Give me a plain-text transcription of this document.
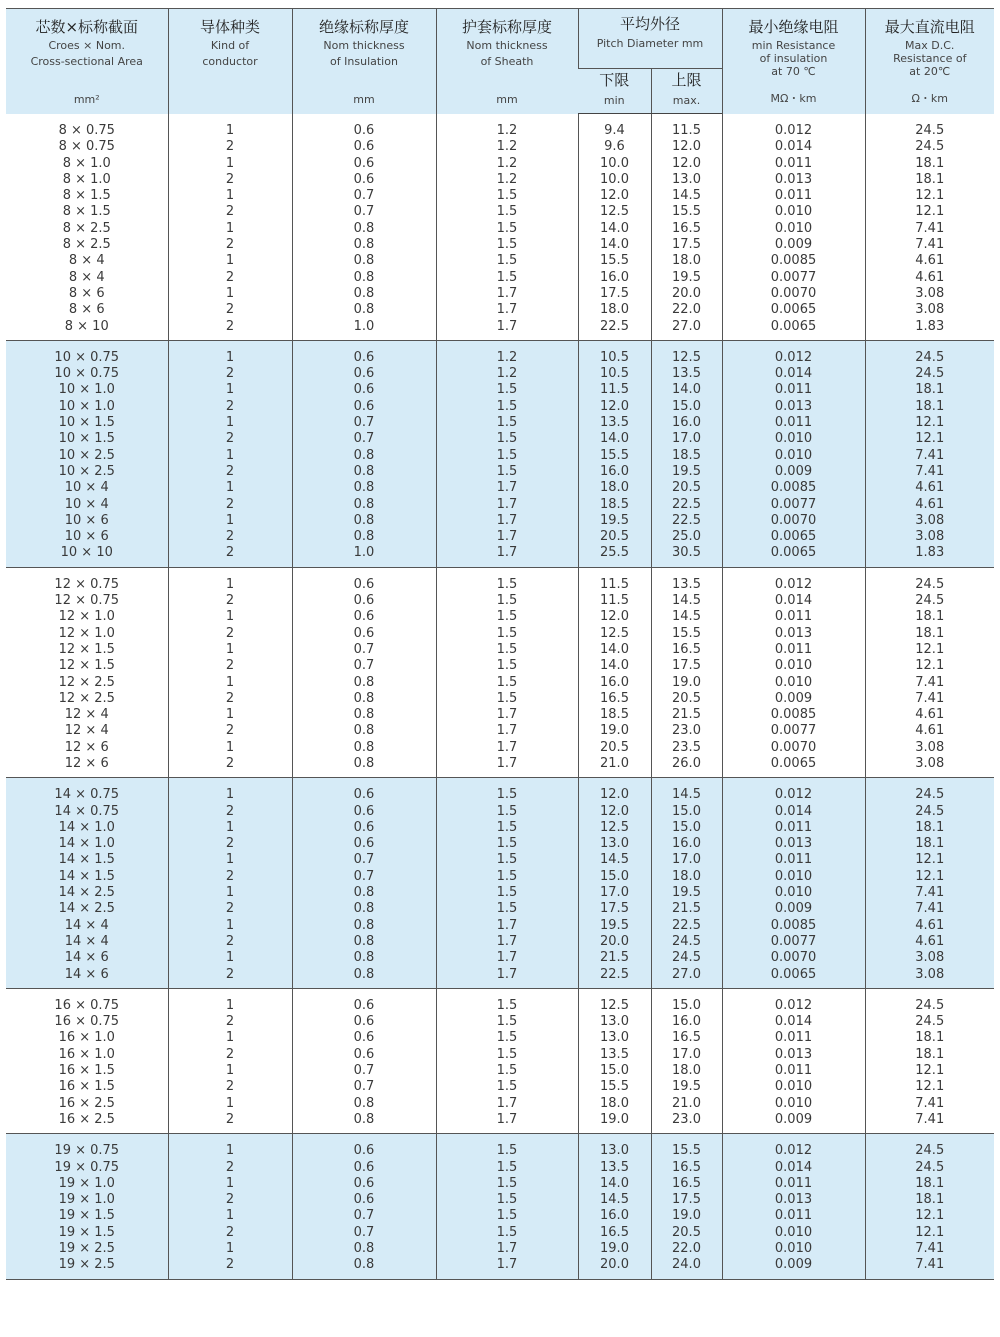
芯数×标称截面
Croes × Nom.
Cross-sectional Area
mm²	导体种类
Kind of
conductor	绝缘标称厚度
Nom thickness
of Insulation
mm	护套标称厚度
Nom thickness
of Sheath
mm	平均外径
Pitch Diameter mm		最小绝缘电阻
min Resistance
of insulation
at 70 ℃
MΩ・km	最大直流电阻
Max D.C.
Resistance of
at 20℃
Ω・km

				下限
min	上限
max.		

8 × 0.75	1	0.6	1.2	9.4	11.5	0.012	24.5
8 × 0.75	2	0.6	1.2	9.6	12.0	0.014	24.5
8 × 1.0	1	0.6	1.2	10.0	12.0	0.011	18.1
8 × 1.0	2	0.6	1.2	10.0	13.0	0.013	18.1
8 × 1.5	1	0.7	1.5	12.0	14.5	0.011	12.1
8 × 1.5	2	0.7	1.5	12.5	15.5	0.010	12.1
8 × 2.5	1	0.8	1.5	14.0	16.5	0.010	7.41
8 × 2.5	2	0.8	1.5	14.0	17.5	0.009	7.41
8 × 4	1	0.8	1.5	15.5	18.0	0.0085	4.61
8 × 4	2	0.8	1.5	16.0	19.5	0.0077	4.61
8 × 6	1	0.8	1.7	17.5	20.0	0.0070	3.08
8 × 6	2	0.8	1.7	18.0	22.0	0.0065	3.08
8 × 10	2	1.0	1.7	22.5	27.0	0.0065	1.83

10 × 0.75	1	0.6	1.2	10.5	12.5	0.012	24.5
10 × 0.75	2	0.6	1.2	10.5	13.5	0.014	24.5
10 × 1.0	1	0.6	1.5	11.5	14.0	0.011	18.1
10 × 1.0	2	0.6	1.5	12.0	15.0	0.013	18.1
10 × 1.5	1	0.7	1.5	13.5	16.0	0.011	12.1
10 × 1.5	2	0.7	1.5	14.0	17.0	0.010	12.1
10 × 2.5	1	0.8	1.5	15.5	18.5	0.010	7.41
10 × 2.5	2	0.8	1.5	16.0	19.5	0.009	7.41
10 × 4	1	0.8	1.7	18.0	20.5	0.0085	4.61
10 × 4	2	0.8	1.7	18.5	22.5	0.0077	4.61
10 × 6	1	0.8	1.7	19.5	22.5	0.0070	3.08
10 × 6	2	0.8	1.7	20.5	25.0	0.0065	3.08
10 × 10	2	1.0	1.7	25.5	30.5	0.0065	1.83

12 × 0.75	1	0.6	1.5	11.5	13.5	0.012	24.5
12 × 0.75	2	0.6	1.5	11.5	14.5	0.014	24.5
12 × 1.0	1	0.6	1.5	12.0	14.5	0.011	18.1
12 × 1.0	2	0.6	1.5	12.5	15.5	0.013	18.1
12 × 1.5	1	0.7	1.5	14.0	16.5	0.011	12.1
12 × 1.5	2	0.7	1.5	14.0	17.5	0.010	12.1
12 × 2.5	1	0.8	1.5	16.0	19.0	0.010	7.41
12 × 2.5	2	0.8	1.5	16.5	20.5	0.009	7.41
12 × 4	1	0.8	1.7	18.5	21.5	0.0085	4.61
12 × 4	2	0.8	1.7	19.0	23.0	0.0077	4.61
12 × 6	1	0.8	1.7	20.5	23.5	0.0070	3.08
12 × 6	2	0.8	1.7	21.0	26.0	0.0065	3.08

14 × 0.75	1	0.6	1.5	12.0	14.5	0.012	24.5
14 × 0.75	2	0.6	1.5	12.0	15.0	0.014	24.5
14 × 1.0	1	0.6	1.5	12.5	15.0	0.011	18.1
14 × 1.0	2	0.6	1.5	13.0	16.0	0.013	18.1
14 × 1.5	1	0.7	1.5	14.5	17.0	0.011	12.1
14 × 1.5	2	0.7	1.5	15.0	18.0	0.010	12.1
14 × 2.5	1	0.8	1.5	17.0	19.5	0.010	7.41
14 × 2.5	2	0.8	1.5	17.5	21.5	0.009	7.41
14 × 4	1	0.8	1.7	19.5	22.5	0.0085	4.61
14 × 4	2	0.8	1.7	20.0	24.5	0.0077	4.61
14 × 6	1	0.8	1.7	21.5	24.5	0.0070	3.08
14 × 6	2	0.8	1.7	22.5	27.0	0.0065	3.08

16 × 0.75	1	0.6	1.5	12.5	15.0	0.012	24.5
16 × 0.75	2	0.6	1.5	13.0	16.0	0.014	24.5
16 × 1.0	1	0.6	1.5	13.0	16.5	0.011	18.1
16 × 1.0	2	0.6	1.5	13.5	17.0	0.013	18.1
16 × 1.5	1	0.7	1.5	15.0	18.0	0.011	12.1
16 × 1.5	2	0.7	1.5	15.5	19.5	0.010	12.1
16 × 2.5	1	0.8	1.7	18.0	21.0	0.010	7.41
16 × 2.5	2	0.8	1.7	19.0	23.0	0.009	7.41

19 × 0.75	1	0.6	1.5	13.0	15.5	0.012	24.5
19 × 0.75	2	0.6	1.5	13.5	16.5	0.014	24.5
19 × 1.0	1	0.6	1.5	14.0	16.5	0.011	18.1
19 × 1.0	2	0.6	1.5	14.5	17.5	0.013	18.1
19 × 1.5	1	0.7	1.5	16.0	19.0	0.011	12.1
19 × 1.5	2	0.7	1.5	16.5	20.5	0.010	12.1
19 × 2.5	1	0.8	1.7	19.0	22.0	0.010	7.41
19 × 2.5	2	0.8	1.7	20.0	24.0	0.009	7.41
